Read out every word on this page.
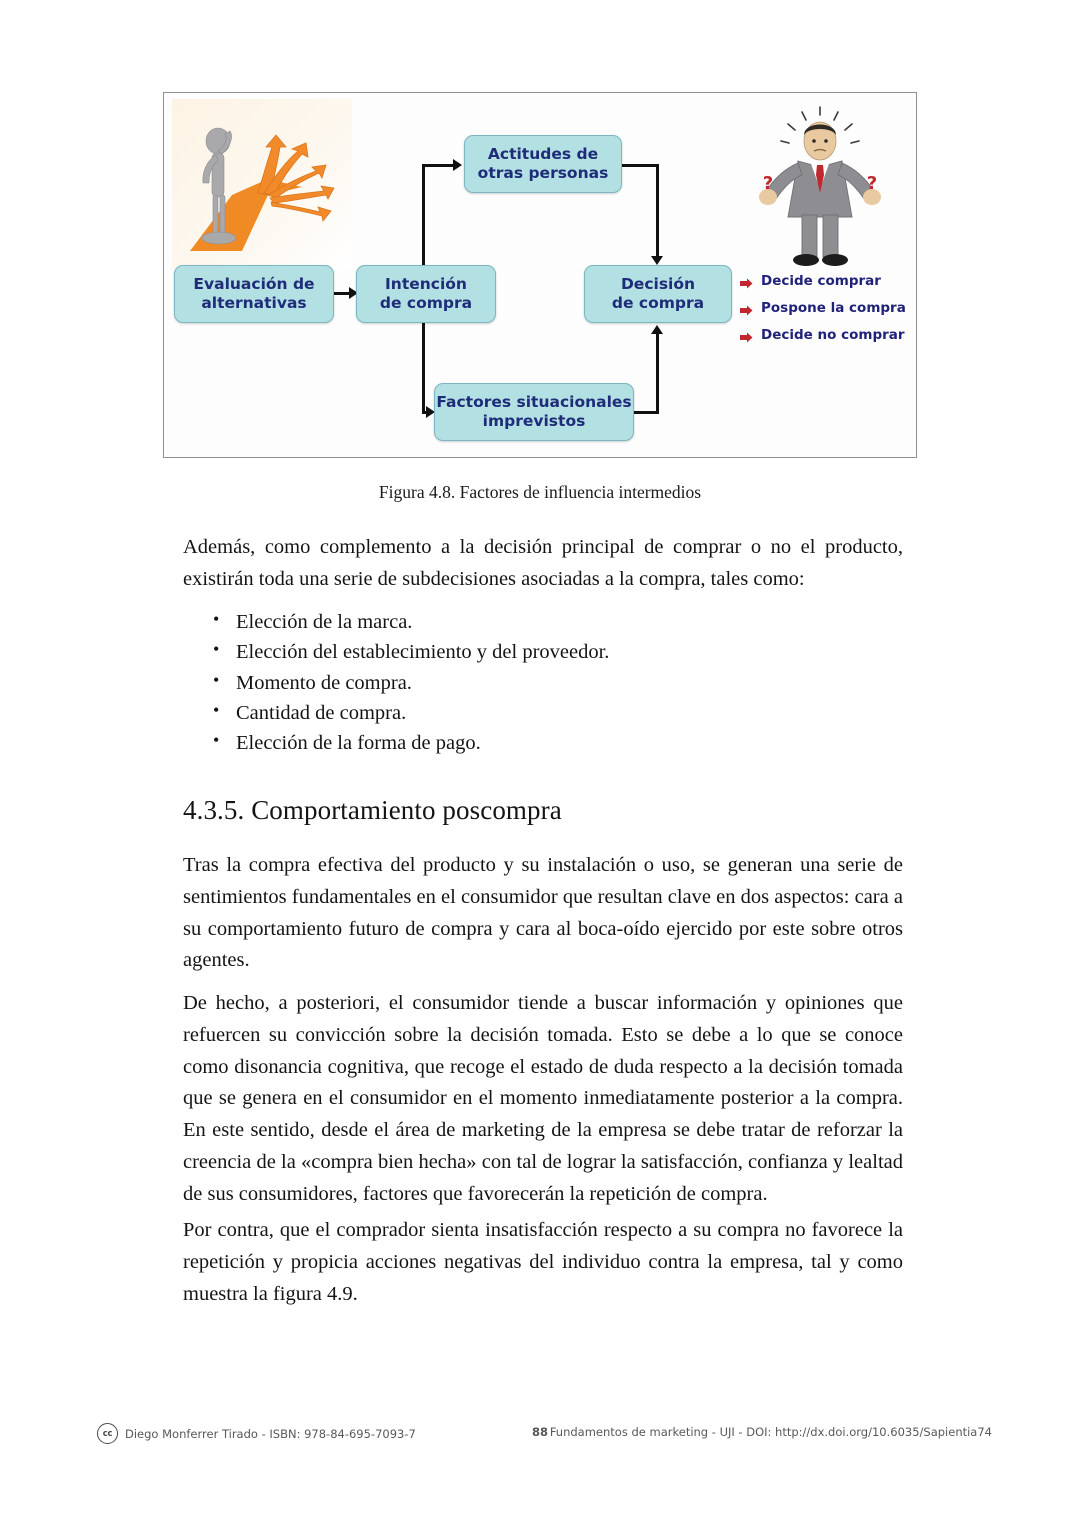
?	?
Evaluación de
alternativas
Intención
de compra
Actitudes de
otras personas
Decisión
de compra
Factores situacionales
imprevistos
Decide comprar
Pospone la compra
Decide no comprar
Figura 4.8. Factores de influencia intermedios

Además, como complemento a la decisión principal de comprar o no el producto, existirán toda una serie de subdecisiones asociadas a la compra, tales como:

• Elección de la marca.
• Elección del establecimiento y del proveedor.
• Momento de compra.
• Cantidad de compra.
• Elección de la forma de pago.
4.3.5. Comportamiento poscompra

Tras la compra efectiva del producto y su instalación o uso, se generan una serie de sentimientos fundamentales en el consumidor que resultan clave en dos aspectos: cara a su comportamiento futuro de compra y cara al boca-oído ejercido por este sobre otros agentes.

De hecho, a posteriori, el consumidor tiende a buscar información y opiniones que refuercen su convicción sobre la decisión tomada. Esto se debe a lo que se conoce como disonancia cognitiva, que recoge el estado de duda respecto a la decisión tomada que se genera en el consumidor en el momento inmediatamente posterior a la compra. En este sentido, desde el área de marketing de la empresa se debe tratar de reforzar la creencia de la «compra bien hecha» con tal de lograr la satisfacción, confianza y lealtad de sus consumidores, factores que favorecerán la repetición de compra.

Por contra, que el comprador sienta insatisfacción respecto a su compra no favorece la repetición y propicia acciones negativas del individuo contra la empresa, tal y como muestra la figura 4.9.

cc	Diego Monferrer Tirado - ISBN: 978-84-695-7093-7	88 Fundamentos de marketing - UJI - DOI: http://dx.doi.org/10.6035/Sapientia74
